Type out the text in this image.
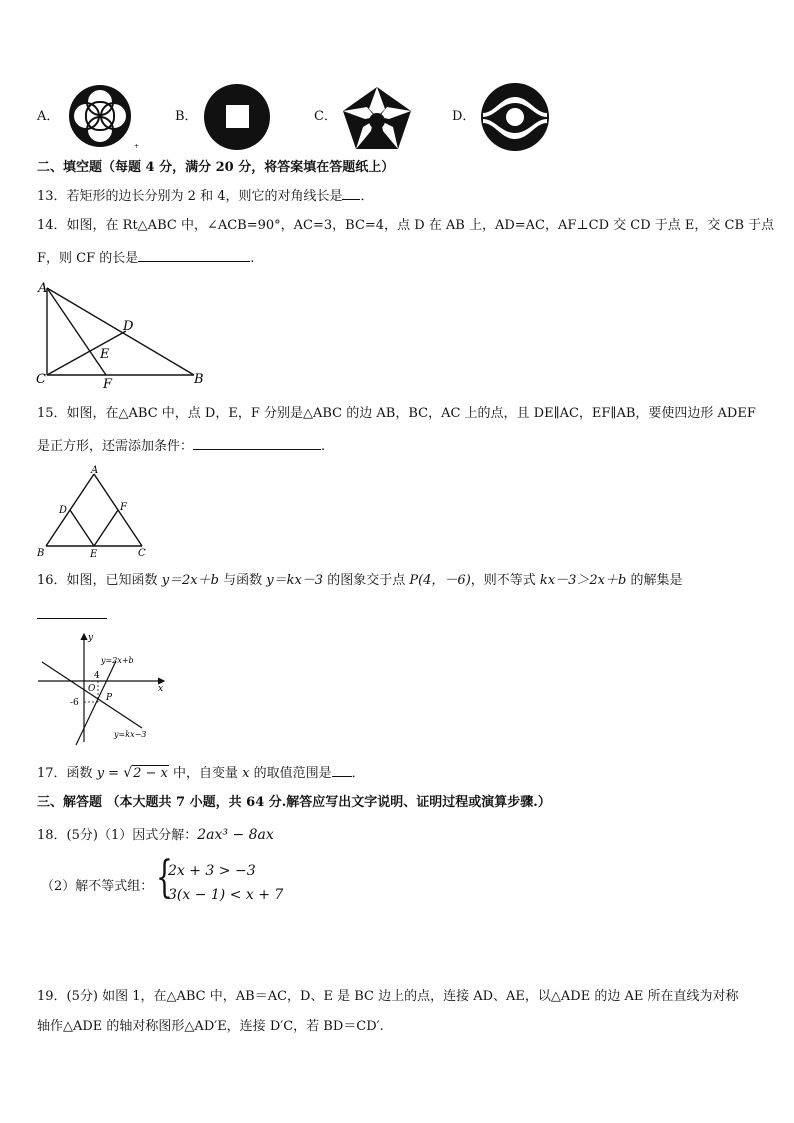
A．
+
B．	C．	D．
二、填空题（每题 4 分，满分 20 分，将答案填在答题纸上）
13．若矩形的边长分别为 2 和 4，则它的对角线长是 ．
14．如图，在 Rt△ABC 中，∠ACB=90°，AC=3，BC=4，点 D 在 AB 上，AD=AC，AF⊥CD 交 CD 于点 E，交 CB 于点
F，则 CF 的长是	.
A
C	B
D
E
F
15．如图，在△ABC 中，点 D，E，F 分别是△ABC 的边 AB，BC，AC 上的点，且 DE∥AC，EF∥AB，要使四边形 ADEF
是正方形，还需添加条件：	.
A
D	F
B	E	C
16．如图，已知函数 y＝2x＋b 与函数 y＝kx－3 的图象交于点 P(4，－6)，则不等式 kx－3＞2x＋b 的解集是
y
x
y=2x+b
y=kx−3
O
4
-6	P
17．函数 y = √2 − x 中，自变量 x 的取值范围是 ．
三、解答题 （本大题共 7 小题，共 64 分.解答应写出文字说明、证明过程或演算步骤.）
18．(5分)（1）因式分解：2ax³ − 8ax
（2）解不等式组： {
2x + 3 > −3
3(x − 1) < x + 7
19．(5分) 如图 1，在△ABC 中，AB＝AC，D、E 是 BC 边上的点，连接 AD、AE，以△ADE 的边 AE 所在直线为对称
轴作△ADE 的轴对称图形△AD′E，连接 D′C，若 BD＝CD′.
